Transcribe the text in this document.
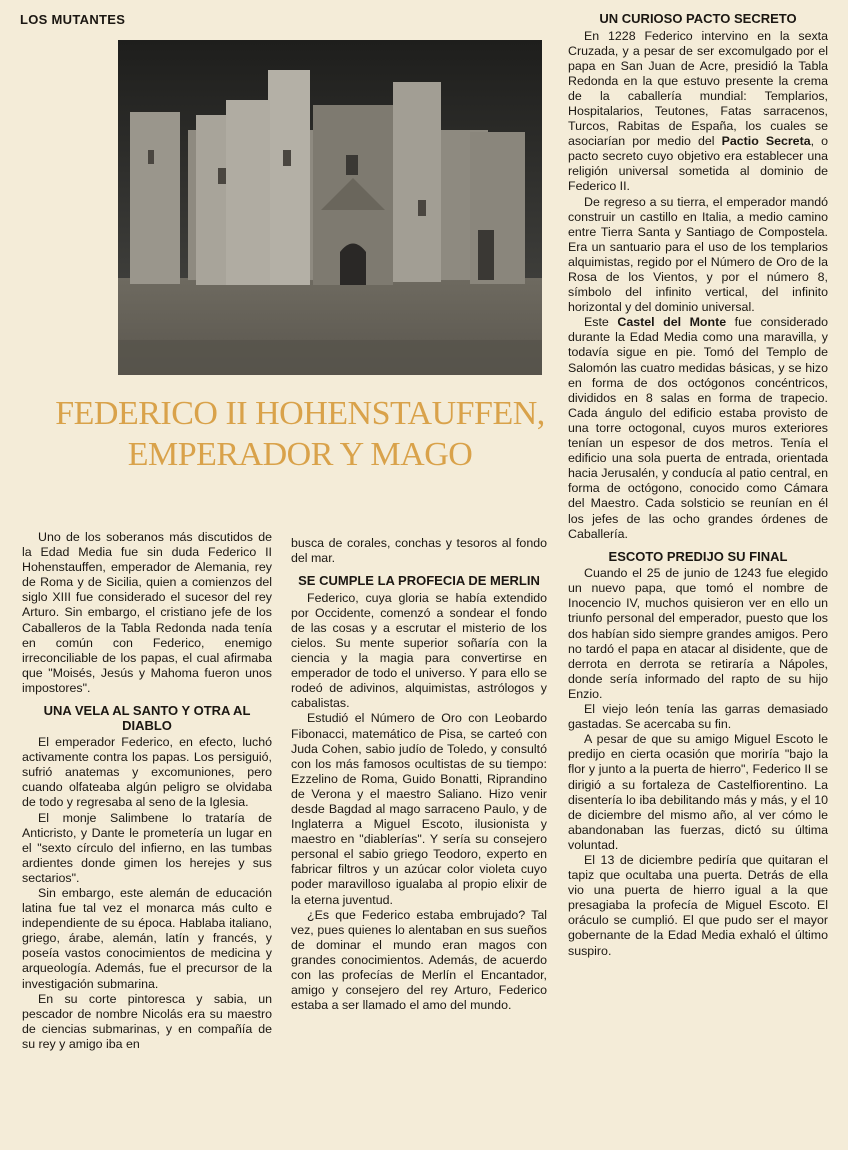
LOS MUTANTES
FEDERICO II HOHENSTAUFFEN,
EMPERADOR Y MAGO

Uno de los soberanos más discutidos de la Edad Media fue sin duda Federico II Hohenstauffen, emperador de Alemania, rey de Roma y de Sicilia, quien a comienzos del siglo XIII fue considerado el sucesor del rey Arturo. Sin embargo, el cristiano jefe de los Caballeros de la Tabla Redonda nada tenía en común con Federico, enemigo irreconciliable de los papas, el cual afirmaba que "Moisés, Jesús y Mahoma fueron unos impostores".

UNA VELA AL SANTO Y OTRA AL DIABLO

El emperador Federico, en efecto, luchó activamente contra los papas. Los persiguió, sufrió anatemas y excomuniones, pero cuando olfateaba algún peligro se olvidaba de todo y regresaba al seno de la Iglesia.

El monje Salimbene lo trataría de Anticristo, y Dante le prometería un lugar en el "sexto círculo del infierno, en las tumbas ardientes donde gimen los herejes y sus sectarios".

Sin embargo, este alemán de educación latina fue tal vez el monarca más culto e independiente de su época. Hablaba italiano, griego, árabe, alemán, latín y francés, y poseía vastos conocimientos de medicina y arqueología. Además, fue el precursor de la investigación submarina.

En su corte pintoresca y sabia, un pescador de nombre Nicolás era su maestro de ciencias submarinas, y en compañía de su rey y amigo iba en

busca de corales, conchas y tesoros al fondo del mar.

SE CUMPLE LA PROFECIA DE MERLIN

Federico, cuya gloria se había extendido por Occidente, comenzó a sondear el fondo de las cosas y a escrutar el misterio de los cielos. Su mente superior soñaría con la ciencia y la magia para convertirse en emperador de todo el universo. Y para ello se rodeó de adivinos, alquimistas, astrólogos y cabalistas.

Estudió el Número de Oro con Leobardo Fibonacci, matemático de Pisa, se carteó con Juda Cohen, sabio judío de Toledo, y consultó con los más famosos ocultistas de su tiempo: Ezzelino de Roma, Guido Bonatti, Riprandino de Verona y el maestro Saliano. Hizo venir desde Bagdad al mago sarraceno Paulo, y de Inglaterra a Miguel Escoto, ilusionista y maestro en "diablerías". Y sería su consejero personal el sabio griego Teodoro, experto en fabricar filtros y un azúcar color violeta cuyo poder maravilloso igualaba al propio elixir de la eterna juventud.

¿Es que Federico estaba embrujado? Tal vez, pues quienes lo alentaban en sus sueños de dominar el mundo eran magos con grandes conocimientos. Además, de acuerdo con las profecías de Merlín el Encantador, amigo y consejero del rey Arturo, Federico estaba a ser llamado el amo del mundo.

UN CURIOSO PACTO SECRETO

En 1228 Federico intervino en la sexta Cruzada, y a pesar de ser excomulgado por el papa en San Juan de Acre, presidió la Tabla Redonda en la que estuvo presente la crema de la caballería mundial: Templarios, Hospitalarios, Teutones, Fatas sarracenos, Turcos, Rabitas de España, los cuales se asociarían por medio del Pactio Secreta, o pacto secreto cuyo objetivo era establecer una religión universal sometida al dominio de Federico II.

De regreso a su tierra, el emperador mandó construir un castillo en Italia, a medio camino entre Tierra Santa y Santiago de Compostela. Era un santuario para el uso de los templarios alquimistas, regido por el Número de Oro de la Rosa de los Vientos, y por el número 8, símbolo del infinito vertical, del infinito horizontal y del dominio universal.

Este Castel del Monte fue considerado durante la Edad Media como una maravilla, y todavía sigue en pie. Tomó del Templo de Salomón las cuatro medidas básicas, y se hizo en forma de dos octógonos concéntricos, divididos en 8 salas en forma de trapecio. Cada ángulo del edificio estaba provisto de una torre octogonal, cuyos muros exteriores tenían un espesor de dos metros. Tenía el edificio una sola puerta de entrada, orientada hacia Jerusalén, y conducía al patio central, en forma de octógono, conocido como Cámara del Maestro. Cada solsticio se reunían en él los jefes de las ocho grandes órdenes de Caballería.

ESCOTO PREDIJO SU FINAL

Cuando el 25 de junio de 1243 fue elegido un nuevo papa, que tomó el nombre de Inocencio IV, muchos quisieron ver en ello un triunfo personal del emperador, puesto que los dos habían sido siempre grandes amigos. Pero no tardó el papa en atacar al disidente, que de derrota en derrota se retiraría a Nápoles, donde sería informado del rapto de su hijo Enzio.

El viejo león tenía las garras demasiado gastadas. Se acercaba su fin.

A pesar de que su amigo Miguel Escoto le predijo en cierta ocasión que moriría "bajo la flor y junto a la puerta de hierro", Federico II se dirigió a su fortaleza de Castelfiorentino. La disentería lo iba debilitando más y más, y el 10 de diciembre del mismo año, al ver cómo le abandonaban las fuerzas, dictó su última voluntad.

El 13 de diciembre pediría que quitaran el tapiz que ocultaba una puerta. Detrás de ella vio una puerta de hierro igual a la que presagiaba la profecía de Miguel Escoto. El oráculo se cumplió. El que pudo ser el mayor gobernante de la Edad Media exhaló el último suspiro.
